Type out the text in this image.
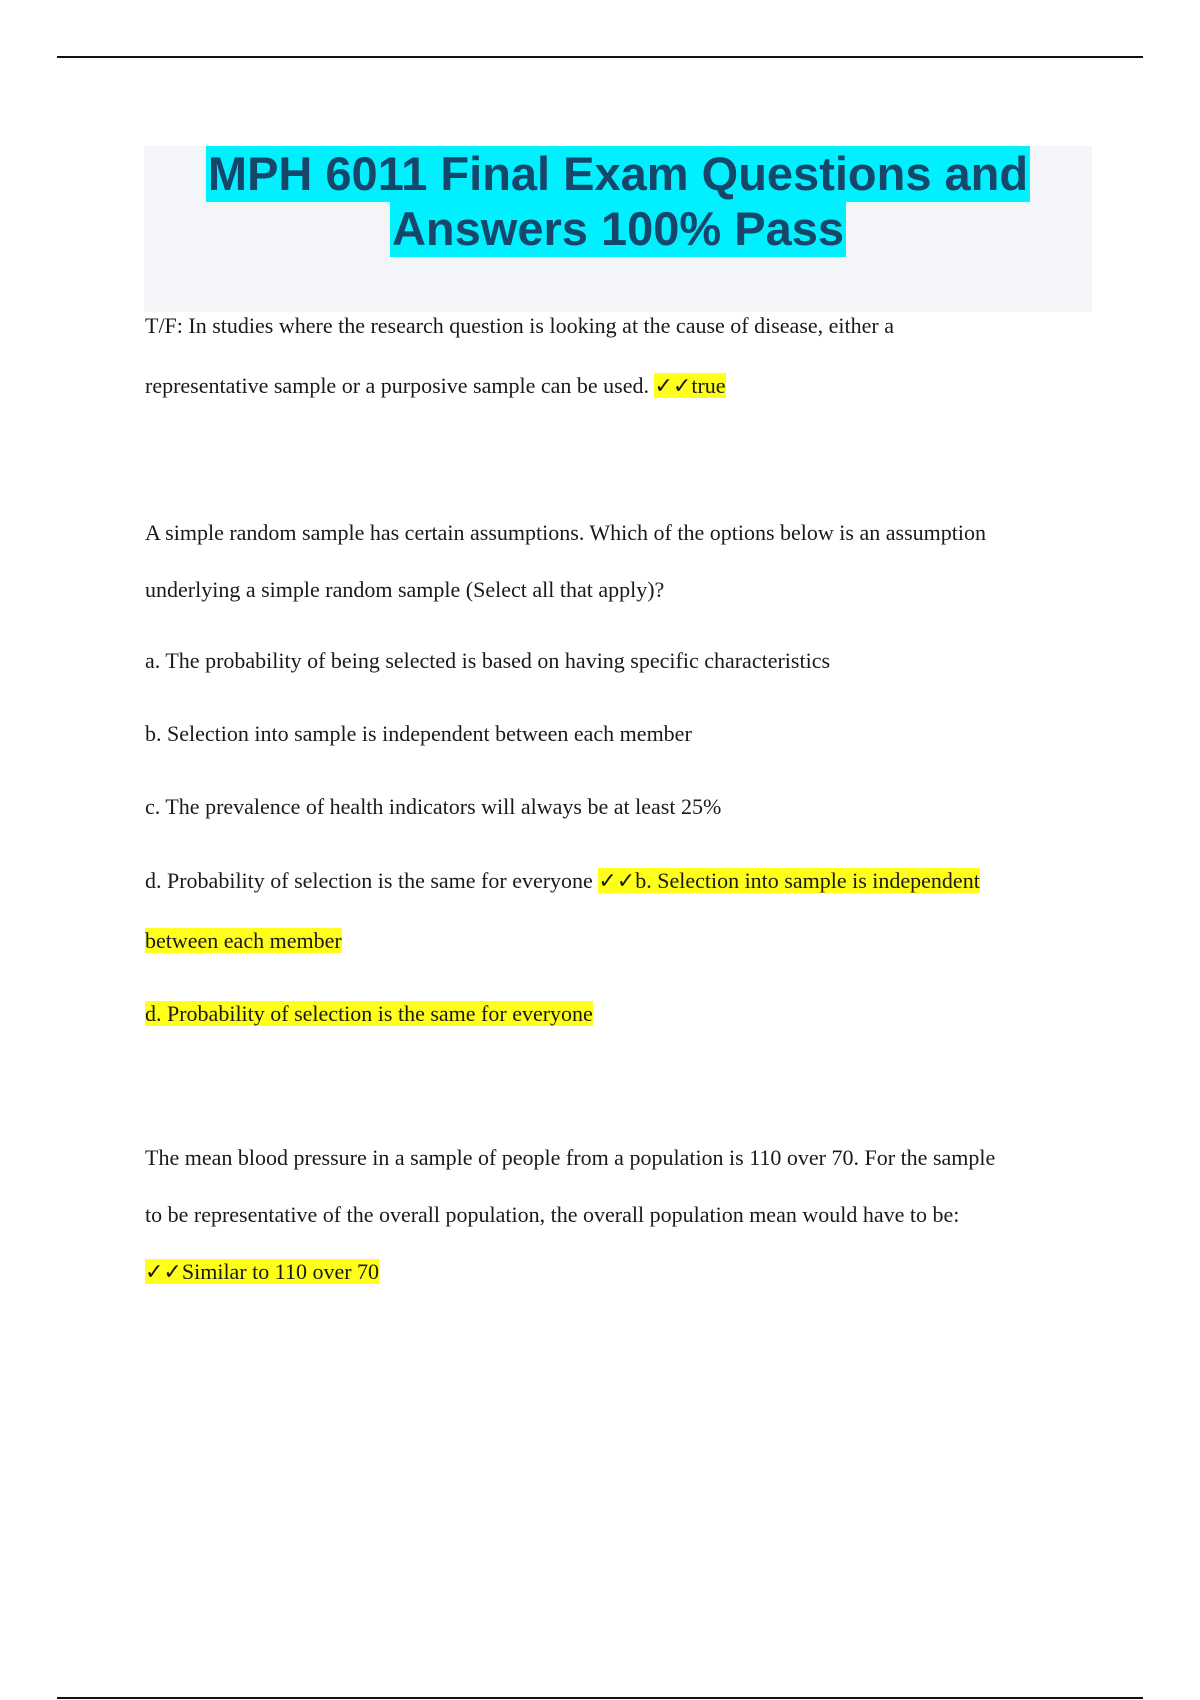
MPH 6011 Final Exam Questions and
Answers 100% Pass
T/F: In studies where the research question is looking at the cause of disease, either a
representative sample or a purposive sample can be used. ✓✓true
A simple random sample has certain assumptions. Which of the options below is an assumption
underlying a simple random sample (Select all that apply)?
a. The probability of being selected is based on having specific characteristics
b. Selection into sample is independent between each member
c. The prevalence of health indicators will always be at least 25%
d. Probability of selection is the same for everyone ✓✓b. Selection into sample is independent
between each member
d. Probability of selection is the same for everyone
The mean blood pressure in a sample of people from a population is 110 over 70. For the sample
to be representative of the overall population, the overall population mean would have to be:
✓✓Similar to 110 over 70
